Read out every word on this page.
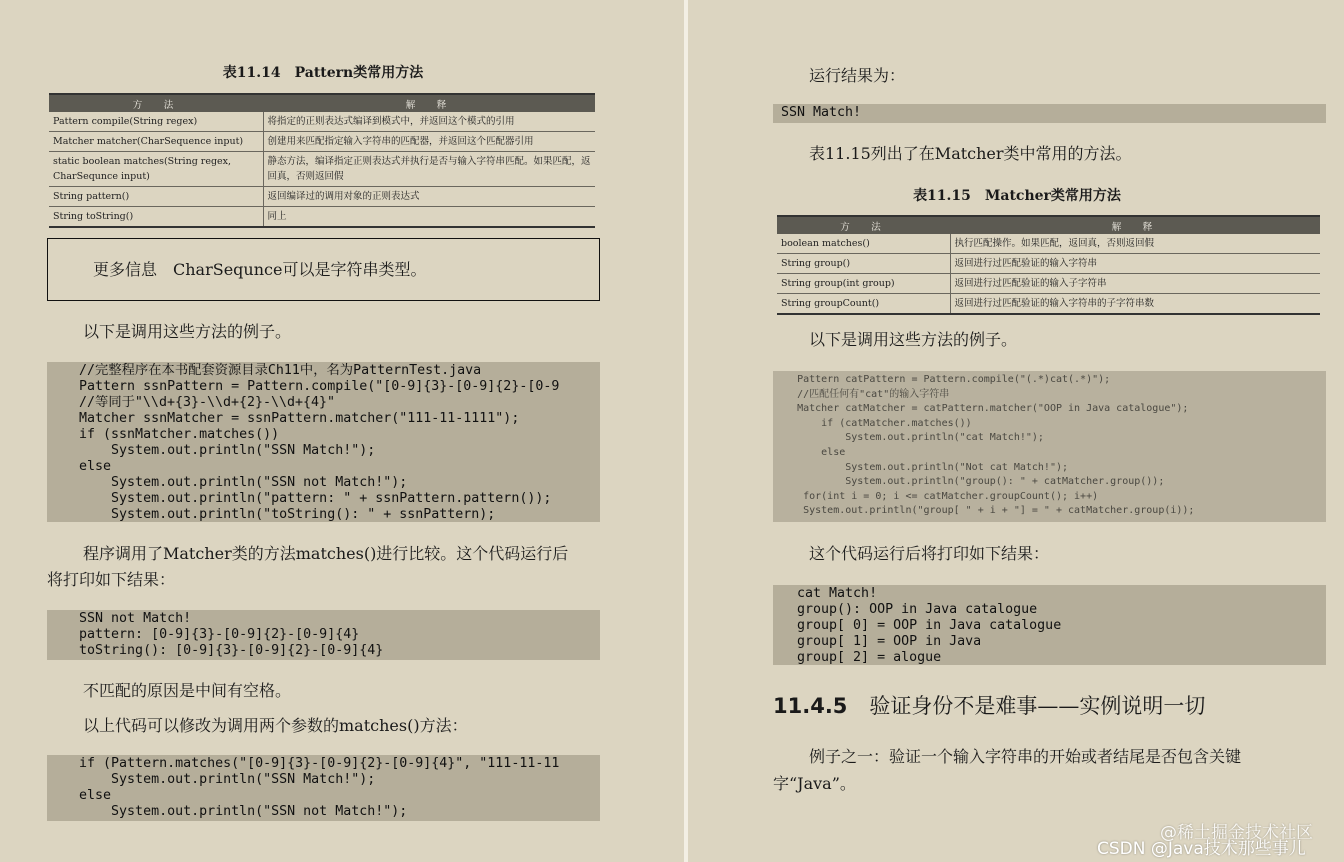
表11.14　Pattern类常用方法
方　法	解　释
Pattern compile(String regex)	将指定的正则表达式编译到模式中，并返回这个模式的引用
Matcher matcher(CharSequence input)	创建用来匹配指定输入字符串的匹配器，并返回这个匹配器引用
static boolean matches(String regex,
CharSequnce input)	静态方法，编译指定正则表达式并执行是否与输入字符串匹配。如果匹配，返回真，否则返回假
String pattern()	返回编译过的调用对象的正则表达式
String toString()	同上
更多信息　CharSequnce可以是字符串类型。
以下是调用这些方法的例子。
//完整程序在本书配套资源目录Ch11中，名为PatternTest.java
Pattern ssnPattern = Pattern.compile("[0-9]{3}-[0-9]{2}-[0-9
//等同于"\\d+{3}-\\d+{2}-\\d+{4}"
Matcher ssnMatcher = ssnPattern.matcher("111-11-1111");
if (ssnMatcher.matches())
System.out.println("SSN Match!");
else
System.out.println("SSN not Match!");
System.out.println("pattern: " + ssnPattern.pattern());
System.out.println("toString(): " + ssnPattern);
程序调用了Matcher类的方法matches()进行比较。这个代码运行后
将打印如下结果：
SSN not Match!
pattern: [0-9]{3}-[0-9]{2}-[0-9]{4}
toString(): [0-9]{3}-[0-9]{2}-[0-9]{4}
不匹配的原因是中间有空格。
以上代码可以修改为调用两个参数的matches()方法：
if (Pattern.matches("[0-9]{3}-[0-9]{2}-[0-9]{4}", "111-11-11
System.out.println("SSN Match!");
else
System.out.println("SSN not Match!");
运行结果为：
SSN Match!
表11.15列出了在Matcher类中常用的方法。
表11.15　Matcher类常用方法
方　法	解　释
boolean matches()	执行匹配操作。如果匹配，返回真，否则返回假
String group()	返回进行过匹配验证的输入字符串
String group(int group)	返回进行过匹配验证的输入子字符串
String groupCount()	返回进行过匹配验证的输入字符串的子字符串数
以下是调用这些方法的例子。
Pattern catPattern = Pattern.compile("(.*)cat(.*)");
//匹配任何有"cat"的输入字符串
Matcher catMatcher = catPattern.matcher("OOP in Java catalogue");
if (catMatcher.matches())
System.out.println("cat Match!");
else
System.out.println("Not cat Match!");
System.out.println("group(): " + catMatcher.group());
for(int i = 0; i <= catMatcher.groupCount(); i++)
System.out.println("group[ " + i + "] = " + catMatcher.group(i));
这个代码运行后将打印如下结果：
cat Match!
group(): OOP in Java catalogue
group[ 0] = OOP in Java catalogue
group[ 1] = OOP in Java
group[ 2] = alogue
11.4.5 验证身份不是难事——实例说明一切
例子之一：验证一个输入字符串的开始或者结尾是否包含关键
字“Java”。
@稀土掘金技术社区
CSDN @Java技术那些事儿
